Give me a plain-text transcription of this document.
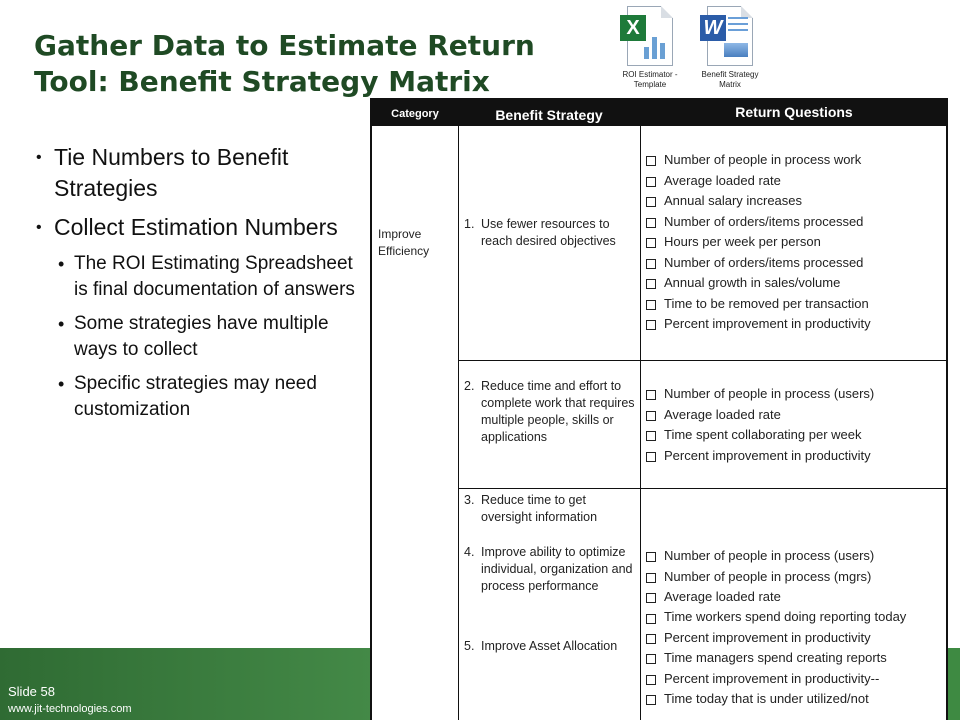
Gather Data to Estimate Return Tool: Benefit Strategy Matrix
X
ROI Estimator - Template
W
Benefit Strategy Matrix
• Tie Numbers to Benefit Strategies
• Collect Estimation Numbers
• The ROI Estimating Spreadsheet is final documentation of answers
• Some strategies have multiple ways to collect
• Specific strategies may need customization
Slide 58
www.jit-technologies.com
Category	Benefit Strategy	Return Questions
Improve Efficiency
1. Use fewer resources to reach desired objectives
Number of people in process work
Average loaded rate
Annual salary increases
Number of orders/items processed
Hours per week per person
Number of orders/items processed
Annual growth in sales/volume
Time to be removed per transaction
Percent improvement in productivity
2. Reduce time and effort to complete work that requires multiple people, skills or applications
Number of people in process (users)
Average loaded rate
Time spent collaborating per week
Percent improvement in productivity
3. Reduce time to get oversight information
4. Improve ability to optimize individual, organization and process performance
5. Improve Asset Allocation
Number of people in process (users)
Number of people in process (mgrs)
Average loaded rate
Time workers spend doing reporting today
Percent improvement in productivity
Time managers spend creating reports
Percent improvement in productivity--
Time today that is under utilized/not
